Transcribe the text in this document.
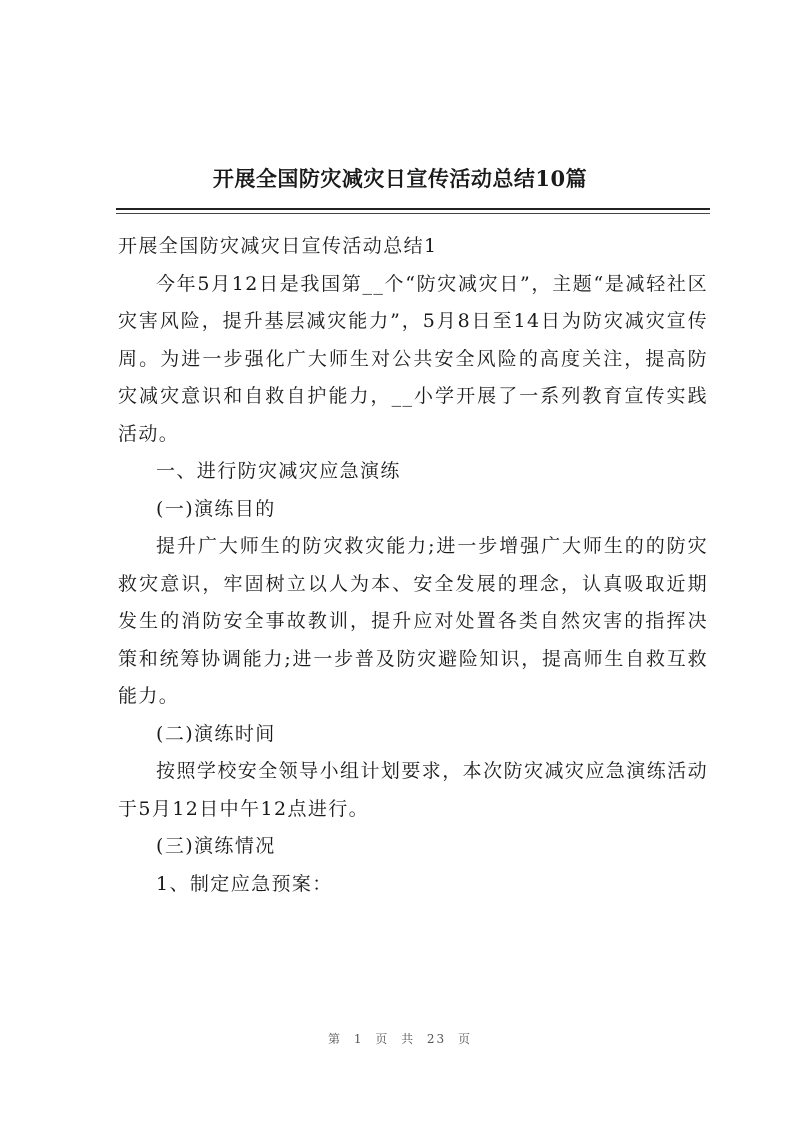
开展全国防灾减灾日宣传活动总结10篇

开展全国防灾减灾日宣传活动总结1

今年5月12日是我国第__个“防灾减灾日”，主题“是减轻社区灾害风险，提升基层减灾能力”，5月8日至14日为防灾减灾宣传周。为进一步强化广大师生对公共安全风险的高度关注，提高防灾减灾意识和自救自护能力，__小学开展了一系列教育宣传实践活动。

一、进行防灾减灾应急演练

(一)演练目的

提升广大师生的防灾救灾能力;进一步增强广大师生的的防灾救灾意识，牢固树立以人为本、安全发展的理念，认真吸取近期发生的消防安全事故教训，提升应对处置各类自然灾害的指挥决策和统筹协调能力;进一步普及防灾避险知识，提高师生自救互救能力。

(二)演练时间

按照学校安全领导小组计划要求，本次防灾减灾应急演练活动于5月12日中午12点进行。

(三)演练情况

1、制定应急预案：

第 1 页 共 23 页
